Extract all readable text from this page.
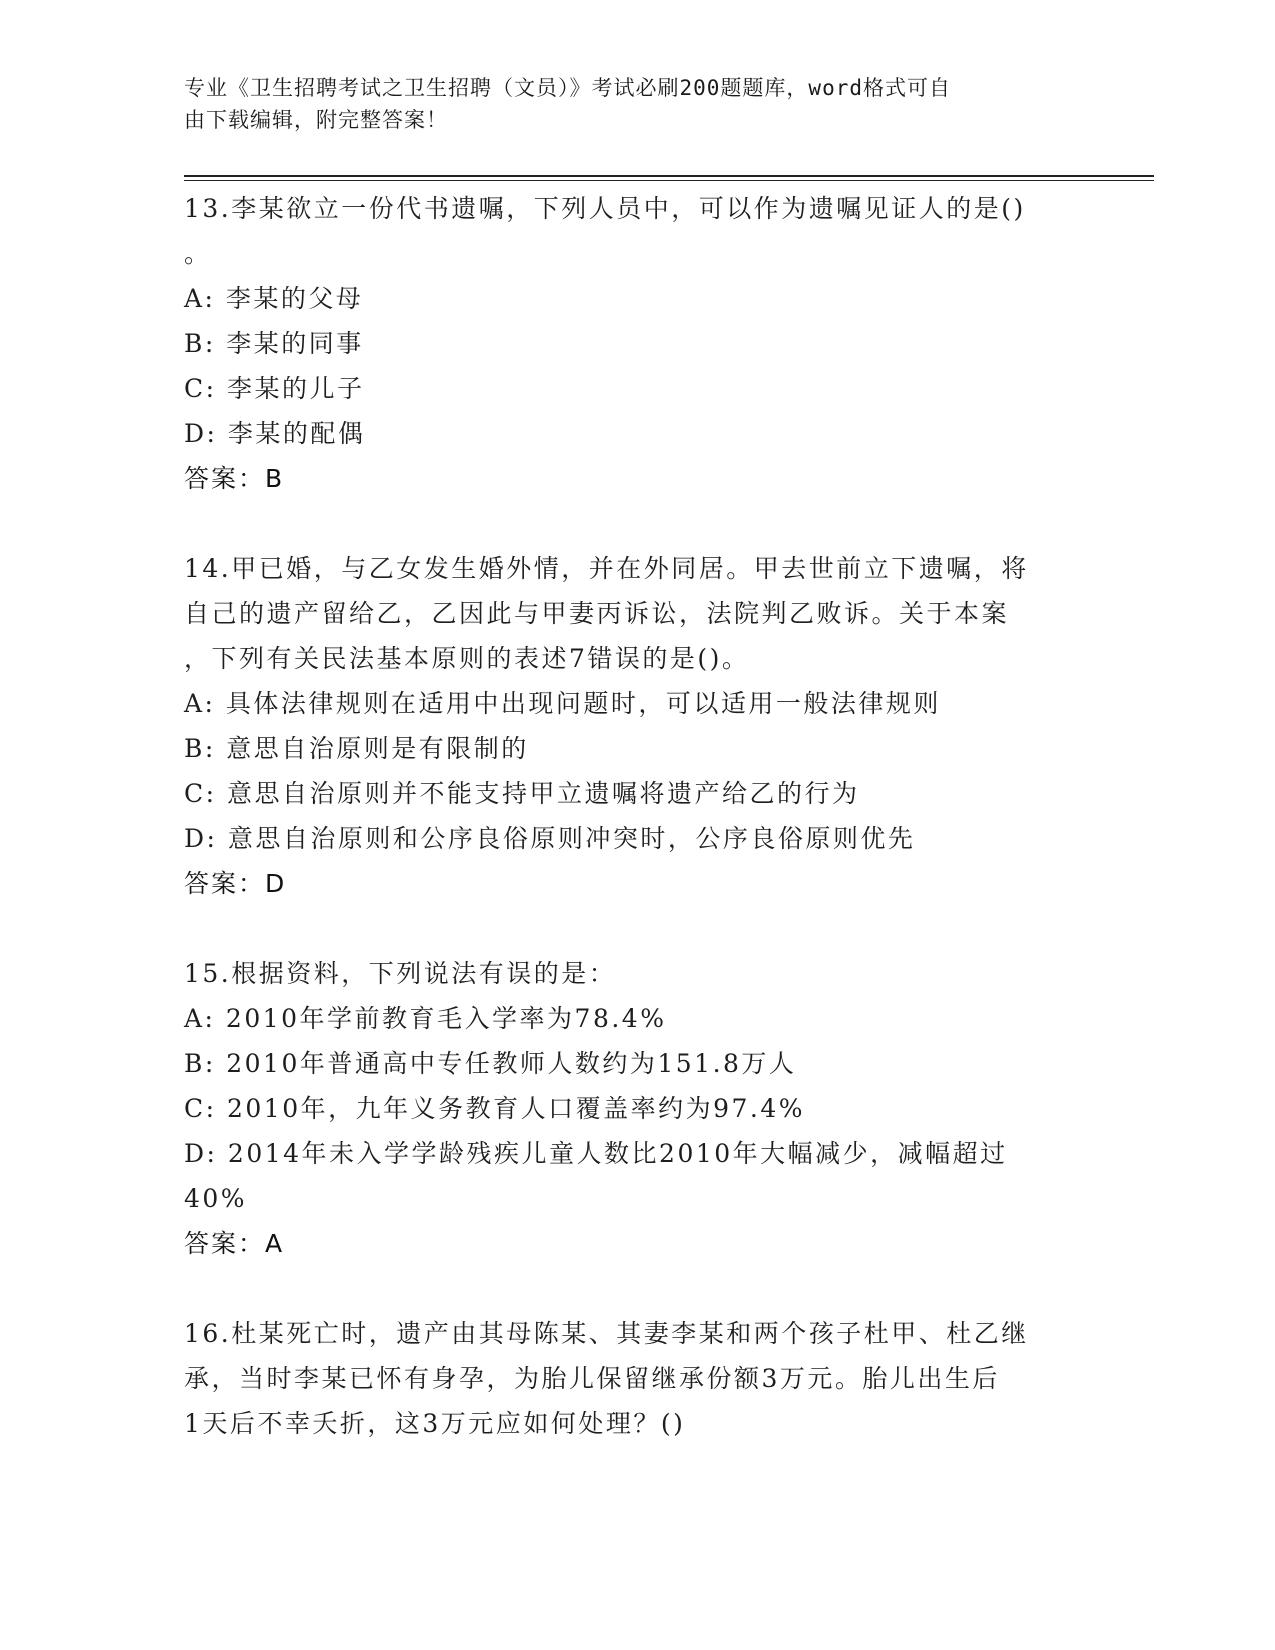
专业《卫生招聘考试之卫生招聘（文员）》考试必刷200题题库，word格式可自
由下载编辑，附完整答案！
13.李某欲立一份代书遗嘱，下列人员中，可以作为遗嘱见证人的是()
。
A: 李某的父母
B: 李某的同事
C: 李某的儿子
D: 李某的配偶
答案：B
14.甲已婚，与乙女发生婚外情，并在外同居。甲去世前立下遗嘱，将
自己的遗产留给乙，乙因此与甲妻丙诉讼，法院判乙败诉。关于本案
，下列有关民法基本原则的表述7错误的是()。
A: 具体法律规则在适用中出现问题时，可以适用一般法律规则
B: 意思自治原则是有限制的
C: 意思自治原则并不能支持甲立遗嘱将遗产给乙的行为
D: 意思自治原则和公序良俗原则冲突时，公序良俗原则优先
答案：D
15.根据资料，下列说法有误的是：
A: 2010年学前教育毛入学率为78.4%
B: 2010年普通高中专任教师人数约为151.8万人
C: 2010年，九年义务教育人口覆盖率约为97.4%
D: 2014年未入学学龄残疾儿童人数比2010年大幅减少，减幅超过
40%
答案：A
16.杜某死亡时，遗产由其母陈某、其妻李某和两个孩子杜甲、杜乙继
承，当时李某已怀有身孕，为胎儿保留继承份额3万元。胎儿出生后
1天后不幸夭折，这3万元应如何处理？()
